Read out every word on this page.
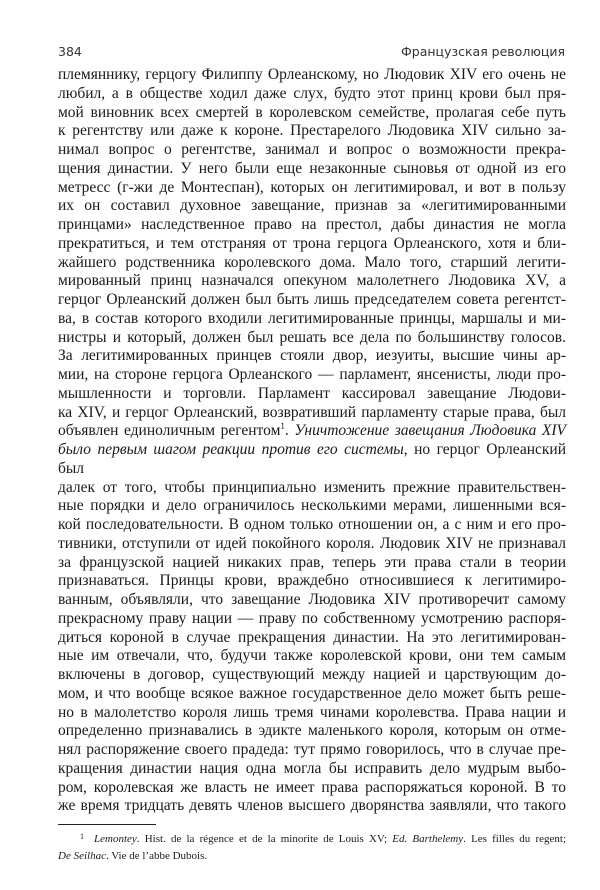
384	Французская революция
племяннику, герцогу Филиппу Орлеанскому, но Людовик XIV его очень не
любил, а в обществе ходил даже слух, будто этот принц крови был пря-
мой виновник всех смертей в королевском семействе, пролагая себе путь
к регентству или даже к короне. Престарелого Людовика XIV сильно за-
нимал вопрос о регентстве, занимал и вопрос о возможности прекра-
щения династии. У него были еще незаконные сыновья от одной из его
метресс (г-жи де Монтеспан), которых он легитимировал, и вот в пользу
их он составил духовное завещание, признав за «легитимированными
принцами» наследственное право на престол, дабы династия не могла
прекратиться, и тем отстраняя от трона герцога Орлеанского, хотя и бли-
жайшего родственника королевского дома. Мало того, старший легити-
мированный принц назначался опекуном малолетнего Людовика XV, а
герцог Орлеанский должен был быть лишь председателем совета регентст-
ва, в состав которого входили легитимированные принцы, маршалы и ми-
нистры и который, должен был решать все дела по большинству голосов.
За легитимированных принцев стояли двор, иезуиты, высшие чины ар-
мии, на стороне герцога Орлеанского — парламент, янсенисты, люди про-
мышленности и торговли. Парламент кассировал завещание Людови-
ка XIV, и герцог Орлеанский, возвративший парламенту старые права, был
объявлен единоличным регентом$^1$. Уничтожение завещания Людовика XIV
было первым шагом реакции против его системы, но герцог Орлеанский был
далек от того, чтобы принципиально изменить прежние правительствен-
ные порядки и дело ограничилось несколькими мерами, лишенными вся-
кой последовательности. В одном только отношении он, а с ним и его про-
тивники, отступили от идей покойного короля. Людовик XIV не признавал
за французской нацией никаких прав, теперь эти права стали в теории
признаваться. Принцы крови, враждебно относившиеся к легитимиро-
ванным, объявляли, что завещание Людовика XIV противоречит самому
прекрасному праву нации — праву по собственному усмотрению распоря-
диться короной в случае прекращения династии. На это легитимирован-
ные им отвечали, что, будучи также королевской крови, они тем самым
включены в договор, существующий между нацией и царствующим до-
мом, и что вообще всякое важное государственное дело может быть реше-
но в малолетство короля лишь тремя чинами королевства. Права нации и
определенно признавались в эдикте маленького короля, которым он отме-
нял распоряжение своего прадеда: тут прямо говорилось, что в случае пре-
кращения династии нация одна могла бы исправить дело мудрым выбо-
ром, королевская же власть не имеет права распоряжаться короной. В то
же время тридцать девять членов высшего дворянства заявляли, что такого
$^1$ Lemontey. Hist. de la régence et de la minorite de Louis XV; Ed. Barthelemy. Les filles du regent;
De Seilhac. Vie de l’abbe Dubois.
